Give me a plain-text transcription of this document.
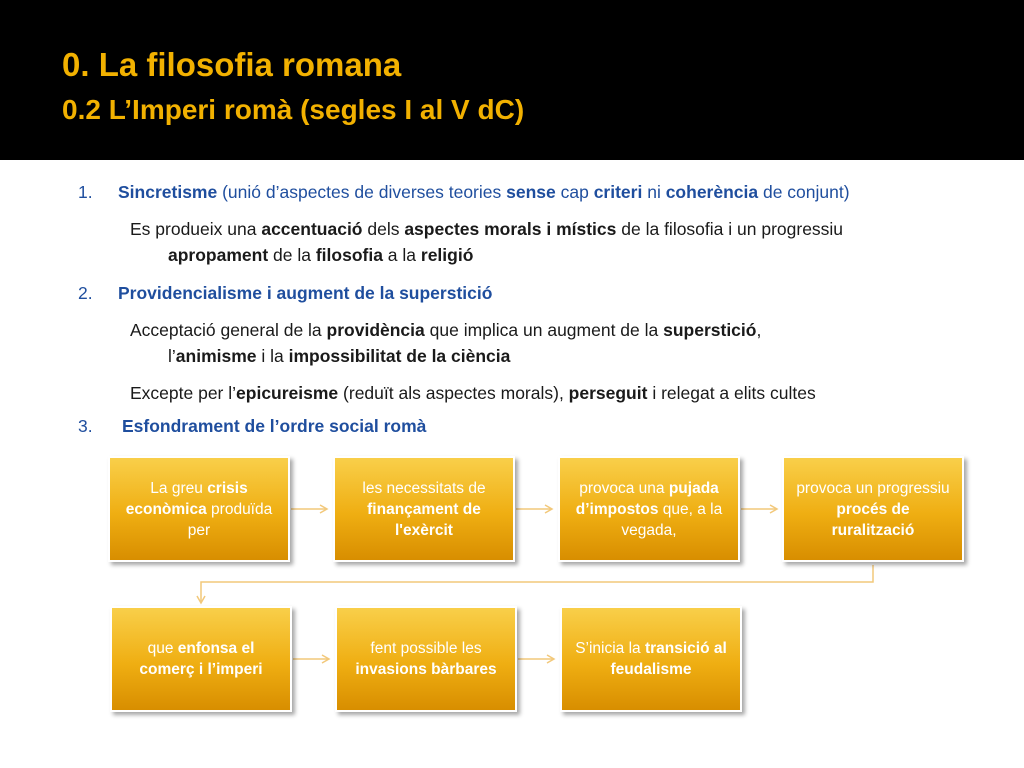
0. La filosofia romana
0.2 L’Imperi romà (segles I al V dC)
1. Sincretisme (unió d’aspectes de diverses teories sense cap criteri ni coherència de conjunt)
Es produeix una accentuació dels aspectes morals i místics de la filosofia i un progressiu
apropament de la filosofia a la religió
2. Providencialisme i augment de la superstició
Acceptació general de la providència que implica un augment de la superstició,
l’animisme i la impossibilitat de la ciència
Excepte per l’epicureisme (reduït als aspectes morals), perseguit i relegat a elits cultes
3. Esfondrament de l’ordre social romà
La greu crisis econòmica produïda per
les necessitats de finançament de l'exèrcit
provoca una pujada d’impostos que, a la vegada,
provoca un progressiu procés de ruralització
que enfonsa el comerç i l’imperi
fent possible les invasions bàrbares
S’inicia la transició al feudalisme
